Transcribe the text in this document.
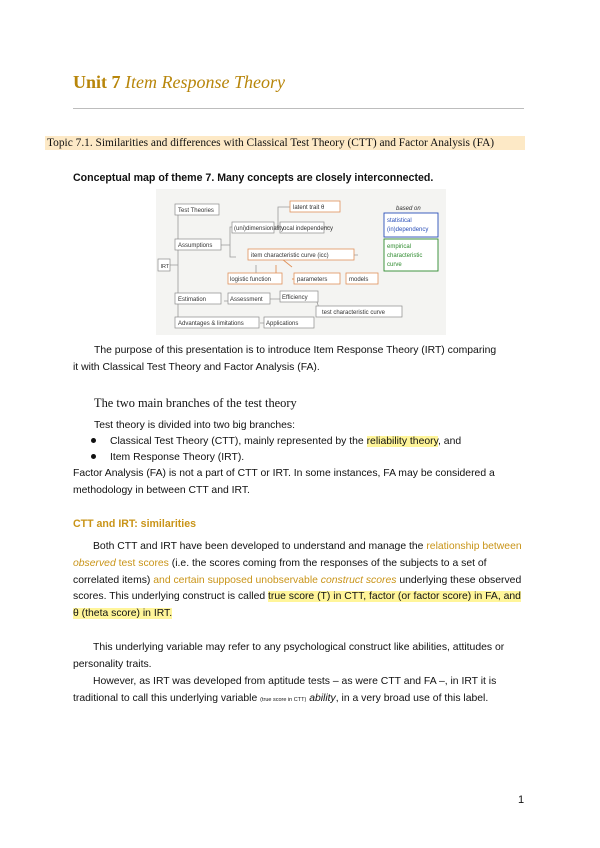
Unit 7 Item Response Theory
Topic 7.1. Similarities and differences with Classical Test Theory (CTT) and Factor Analysis (FA)
Conceptual map of theme 7. Many concepts are closely interconnected.
IRT
Test Theories
Assumptions
Estimation
Advantages & limitations
(uni)dimensionality
ocal independency
latent trait θ
item characteristic curve (icc)
logistic function	parameters	models
Assessment	Efficiency
Applications
test characteristic curve
based on
statistical
(in)dependency
empirical
characteristic
curve

The purpose of this presentation is to introduce Item Response Theory (IRT) comparing

it with Classical Test Theory and Factor Analysis (FA).

The two main branches of the test theory

Test theory is divided into two big branches:

Classical Test Theory (CTT), mainly represented by the reliability theory, and
Item Response Theory (IRT).

Factor Analysis (FA) is not a part of CTT or IRT. In some instances, FA may be considered a

methodology in between CTT and IRT.

CTT and IRT: similarities

Both CTT and IRT have been developed to understand and manage the relationship between observed test scores (i.e. the scores coming from the responses of the subjects to a set of correlated items) and certain supposed unobservable construct scores underlying these observed scores. This underlying construct is called true score (T) in CTT, factor (or factor score) in FA, and θ (theta score) in IRT.

This underlying variable may refer to any psychological construct like abilities, attitudes or personality traits.

However, as IRT was developed from aptitude tests – as were CTT and FA –, in IRT it is traditional to call this underlying variable (true score in CTT) ability, in a very broad use of this label.

1
